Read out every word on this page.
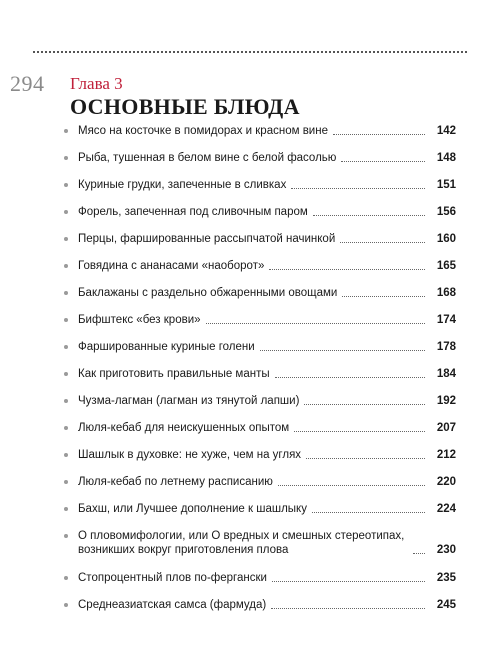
294 Глава 3
ОСНОВНЫЕ БЛЮДА
Мясо на косточке в помидорах и красном вине	142
Рыба, тушенная в белом вине с белой фасолью	148
Куриные грудки, запеченные в сливках	151
Форель, запеченная под сливочным паром	156
Перцы, фаршированные рассыпчатой начинкой	160
Говядина с ананасами «наоборот»	165
Баклажаны с раздельно обжаренными овощами	168
Бифштекс «без крови»	174
Фаршированные куриные голени	178
Как приготовить правильные манты	184
Чузма-лагман (лагман из тянутой лапши)	192
Люля-кебаб для неискушенных опытом	207
Шашлык в духовке: не хуже, чем на углях	212
Люля-кебаб по летнему расписанию	220
Бахш, или Лучшее дополнение к шашлыку	224
О пловомифологии, или О вредных и смешных стереотипах, возникших вокруг приготовления плова	230
Стопроцентный плов по-ферганcки	235
Среднеазиатская самса (фармуда)	245
